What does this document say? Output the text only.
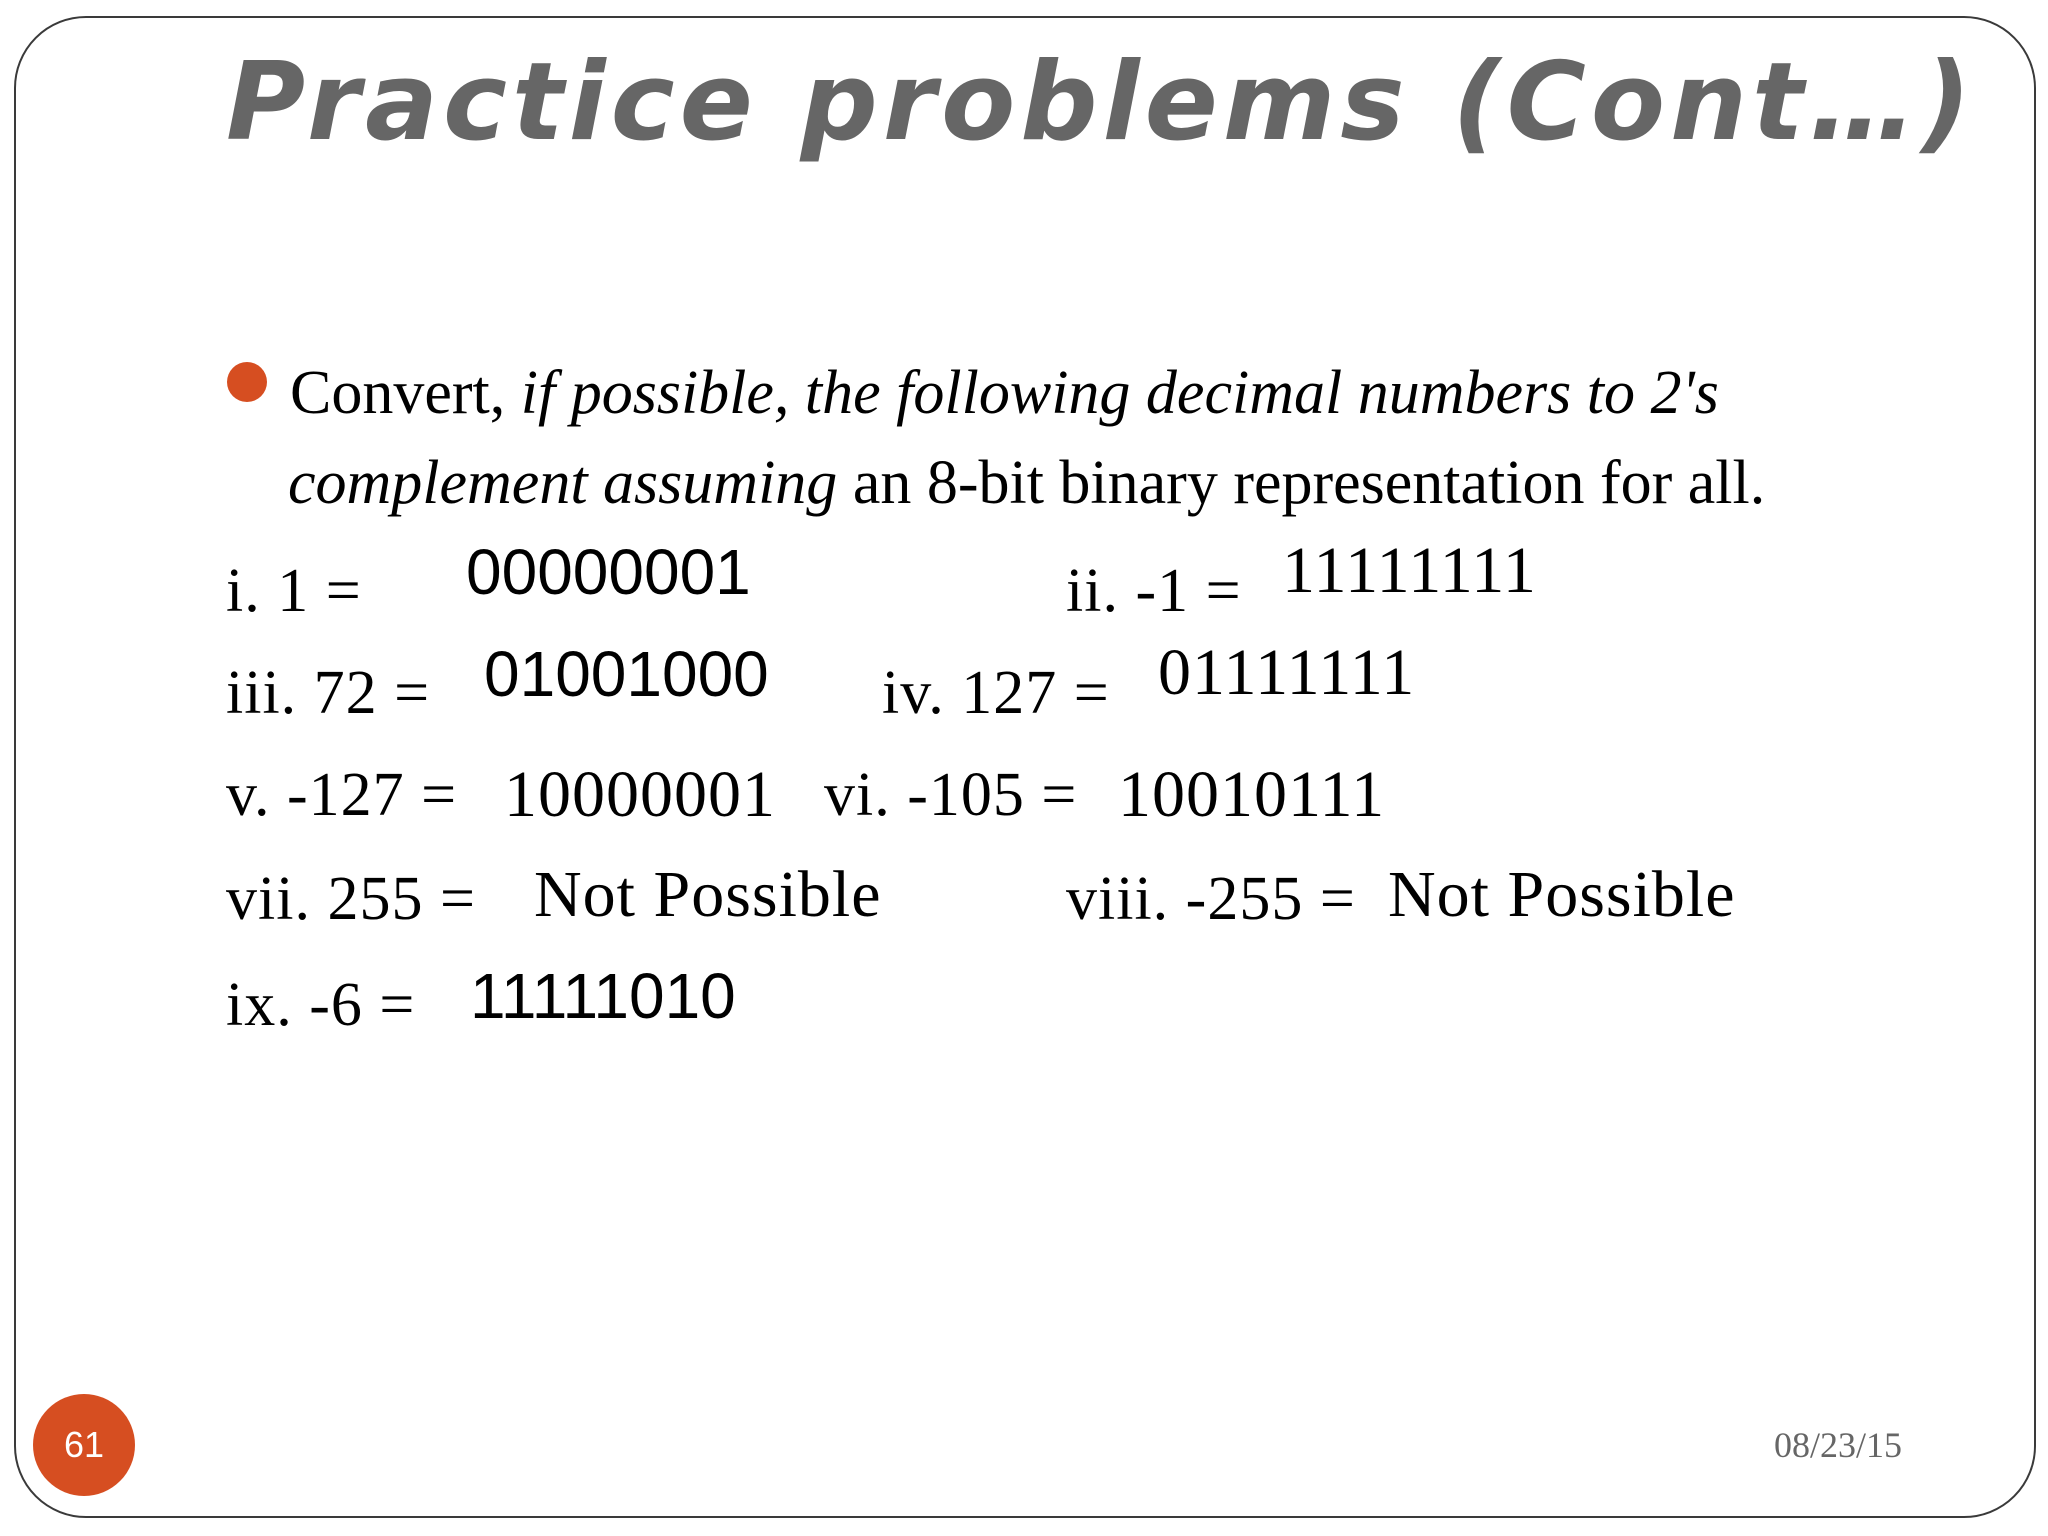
Practice problems (Cont…)
Convert, if possible, the following decimal numbers to 2's
complement assuming an 8-bit binary representation for all.
i. 1 = 00000001	ii. -1 = 11111111
iii. 72 = 01001000 iv. 127 = 01111111
v. -127 = 10000001 vi. -105 = 10010111
vii. 255 = Not Possible	viii. -255 = Not Possible
ix. -6 = 11111010
61	08/23/15
